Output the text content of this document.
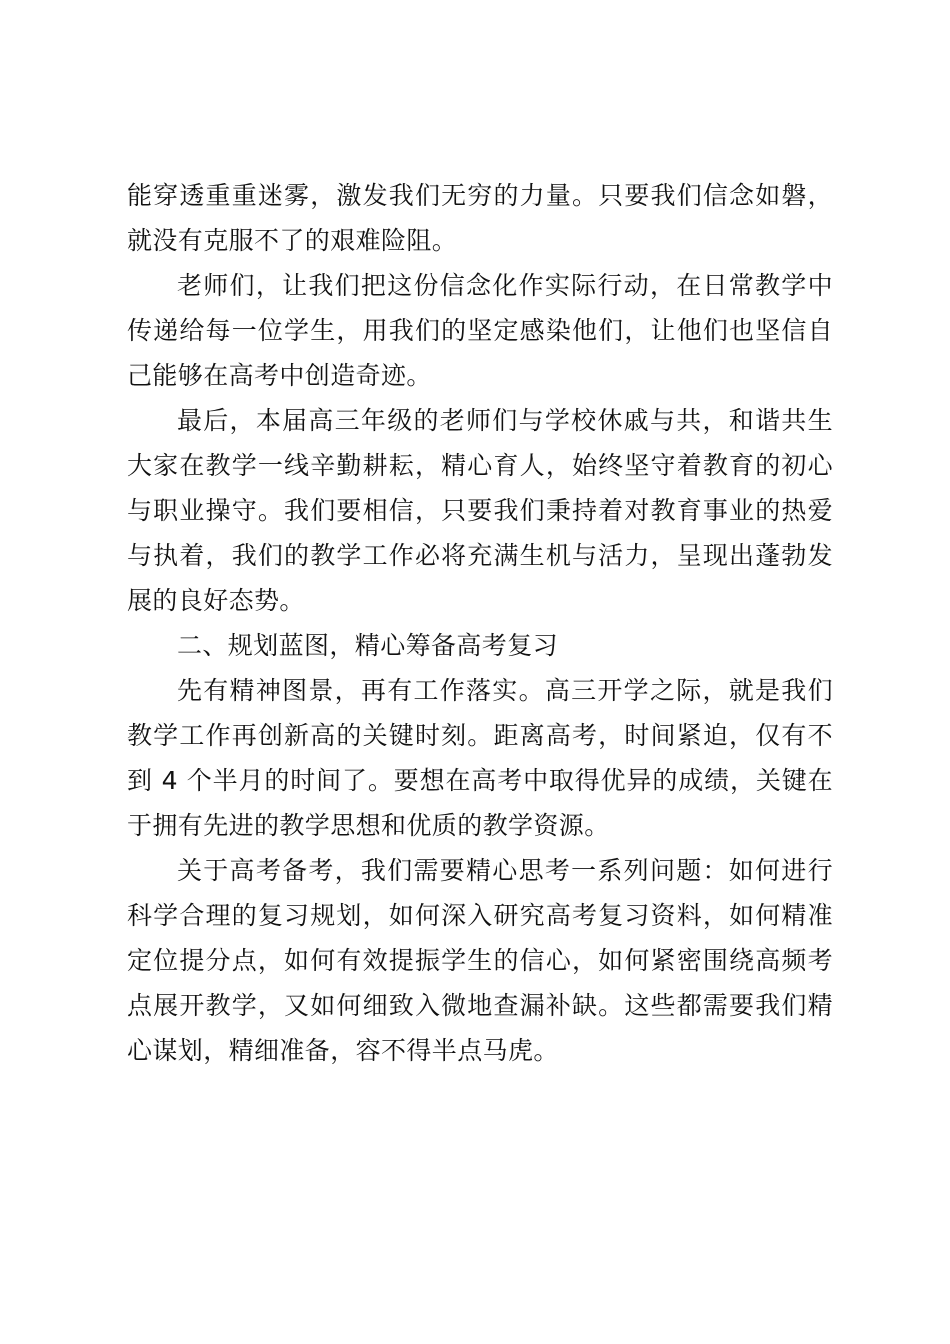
能穿透重重迷雾，激发我们无穷的力量。只要我们信念如磐，就没有克服不了的艰难险阻。

老师们，让我们把这份信念化作实际行动，在日常教学中传递给每一位学生，用我们的坚定感染他们，让他们也坚信自己能够在高考中创造奇迹。

最后，本届高三年级的老师们与学校休戚与共，和谐共生大家在教学一线辛勤耕耘，精心育人，始终坚守着教育的初心与职业操守。我们要相信，只要我们秉持着对教育事业的热爱与执着，我们的教学工作必将充满生机与活力，呈现出蓬勃发展的良好态势。

二、规划蓝图，精心筹备高考复习

先有精神图景，再有工作落实。高三开学之际，就是我们教学工作再创新高的关键时刻。距离高考，时间紧迫，仅有不到 4 个半月的时间了。要想在高考中取得优异的成绩，关键在于拥有先进的教学思想和优质的教学资源。

关于高考备考，我们需要精心思考一系列问题：如何进行科学合理的复习规划，如何深入研究高考复习资料，如何精准定位提分点，如何有效提振学生的信心，如何紧密围绕高频考点展开教学，又如何细致入微地查漏补缺。这些都需要我们精心谋划，精细准备，容不得半点马虎。
